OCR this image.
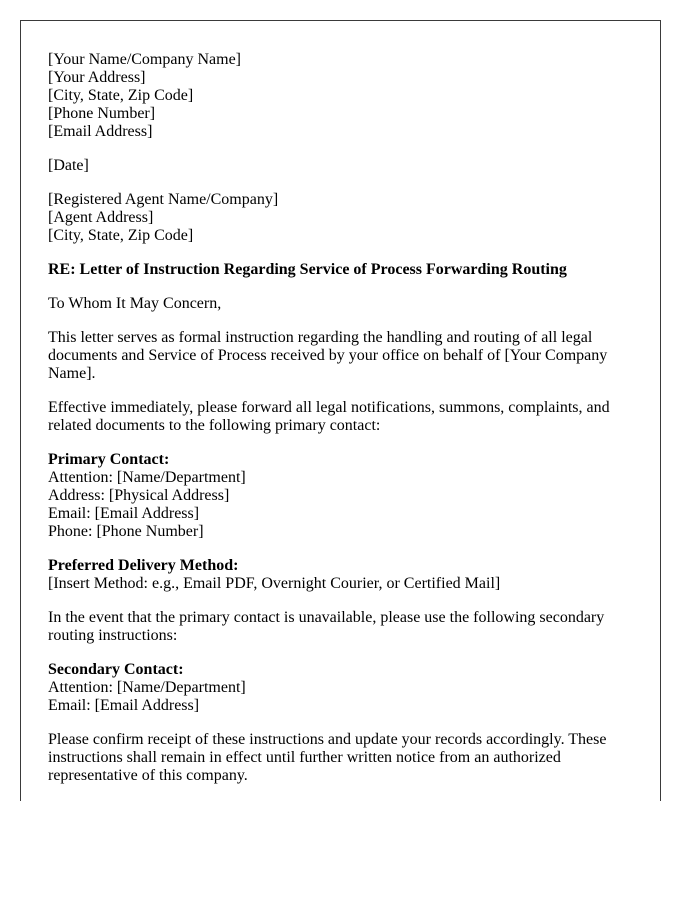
[Your Name/Company Name]
[Your Address]
[City, State, Zip Code]
[Phone Number]
[Email Address]

[Date]

[Registered Agent Name/Company]
[Agent Address]
[City, State, Zip Code]

RE: Letter of Instruction Regarding Service of Process Forwarding Routing

To Whom It May Concern,

This letter serves as formal instruction regarding the handling and routing of all legal documents and Service of Process received by your office on behalf of [Your Company Name].

Effective immediately, please forward all legal notifications, summons, complaints, and related documents to the following primary contact:

Primary Contact:
Attention: [Name/Department]
Address: [Physical Address]
Email: [Email Address]
Phone: [Phone Number]

Preferred Delivery Method:
[Insert Method: e.g., Email PDF, Overnight Courier, or Certified Mail]

In the event that the primary contact is unavailable, please use the following secondary routing instructions:

Secondary Contact:
Attention: [Name/Department]
Email: [Email Address]

Please confirm receipt of these instructions and update your records accordingly. These instructions shall remain in effect until further written notice from an authorized representative of this company.
